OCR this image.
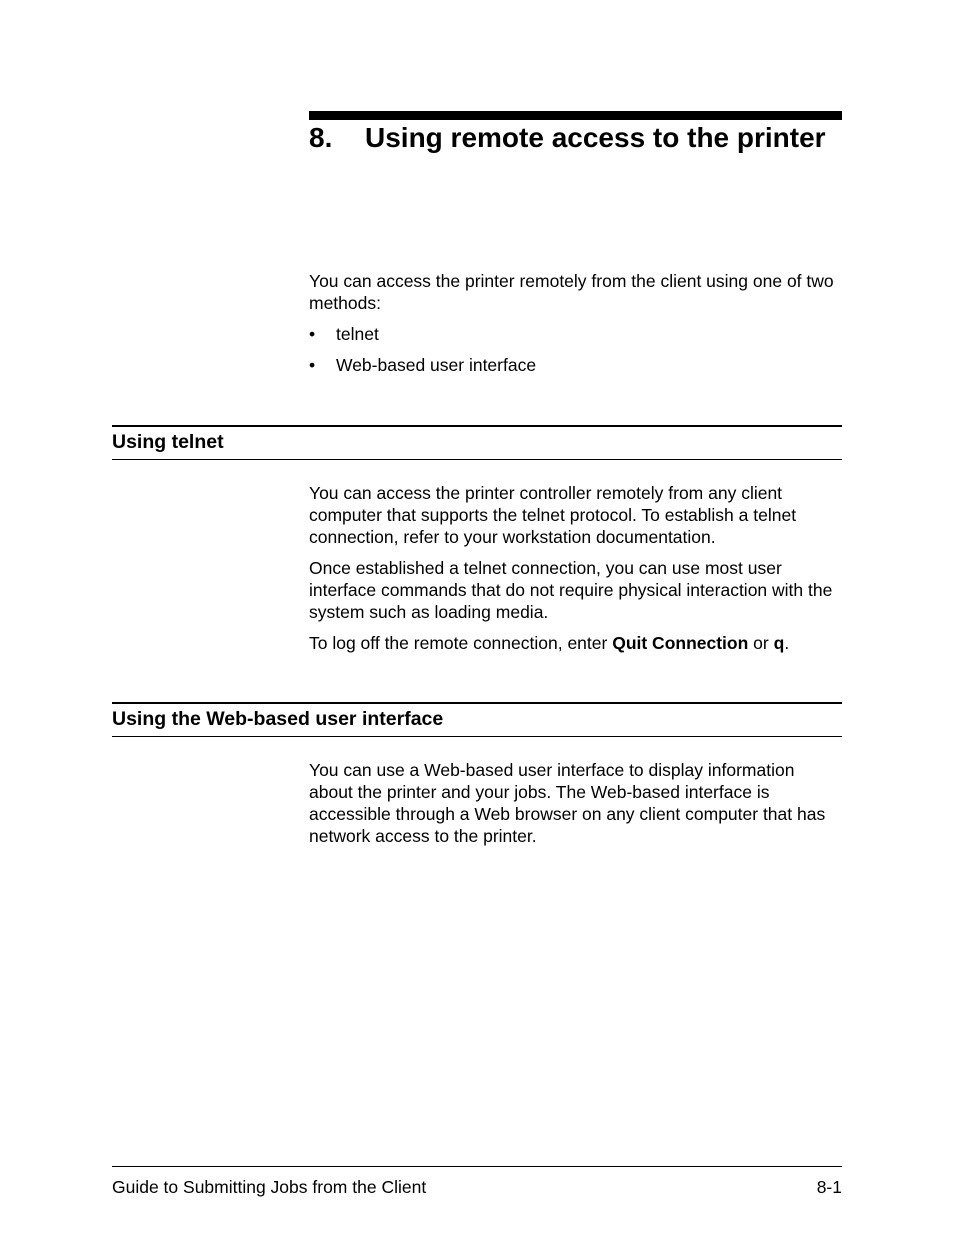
8. Using remote access to the printer

You can access the printer remotely from the client using one of two methods:

• telnet

• Web-based user interface

Using telnet

You can access the printer controller remotely from any client computer that supports the telnet protocol. To establish a telnet connection, refer to your workstation documentation.

Once established a telnet connection, you can use most user interface commands that do not require physical interaction with the system such as loading media.

To log off the remote connection, enter Quit Connection or q.

Using the Web-based user interface

You can use a Web-based user interface to display information about the printer and your jobs. The Web-based interface is accessible through a Web browser on any client computer that has network access to the printer.

Guide to Submitting Jobs from the Client	8-1
